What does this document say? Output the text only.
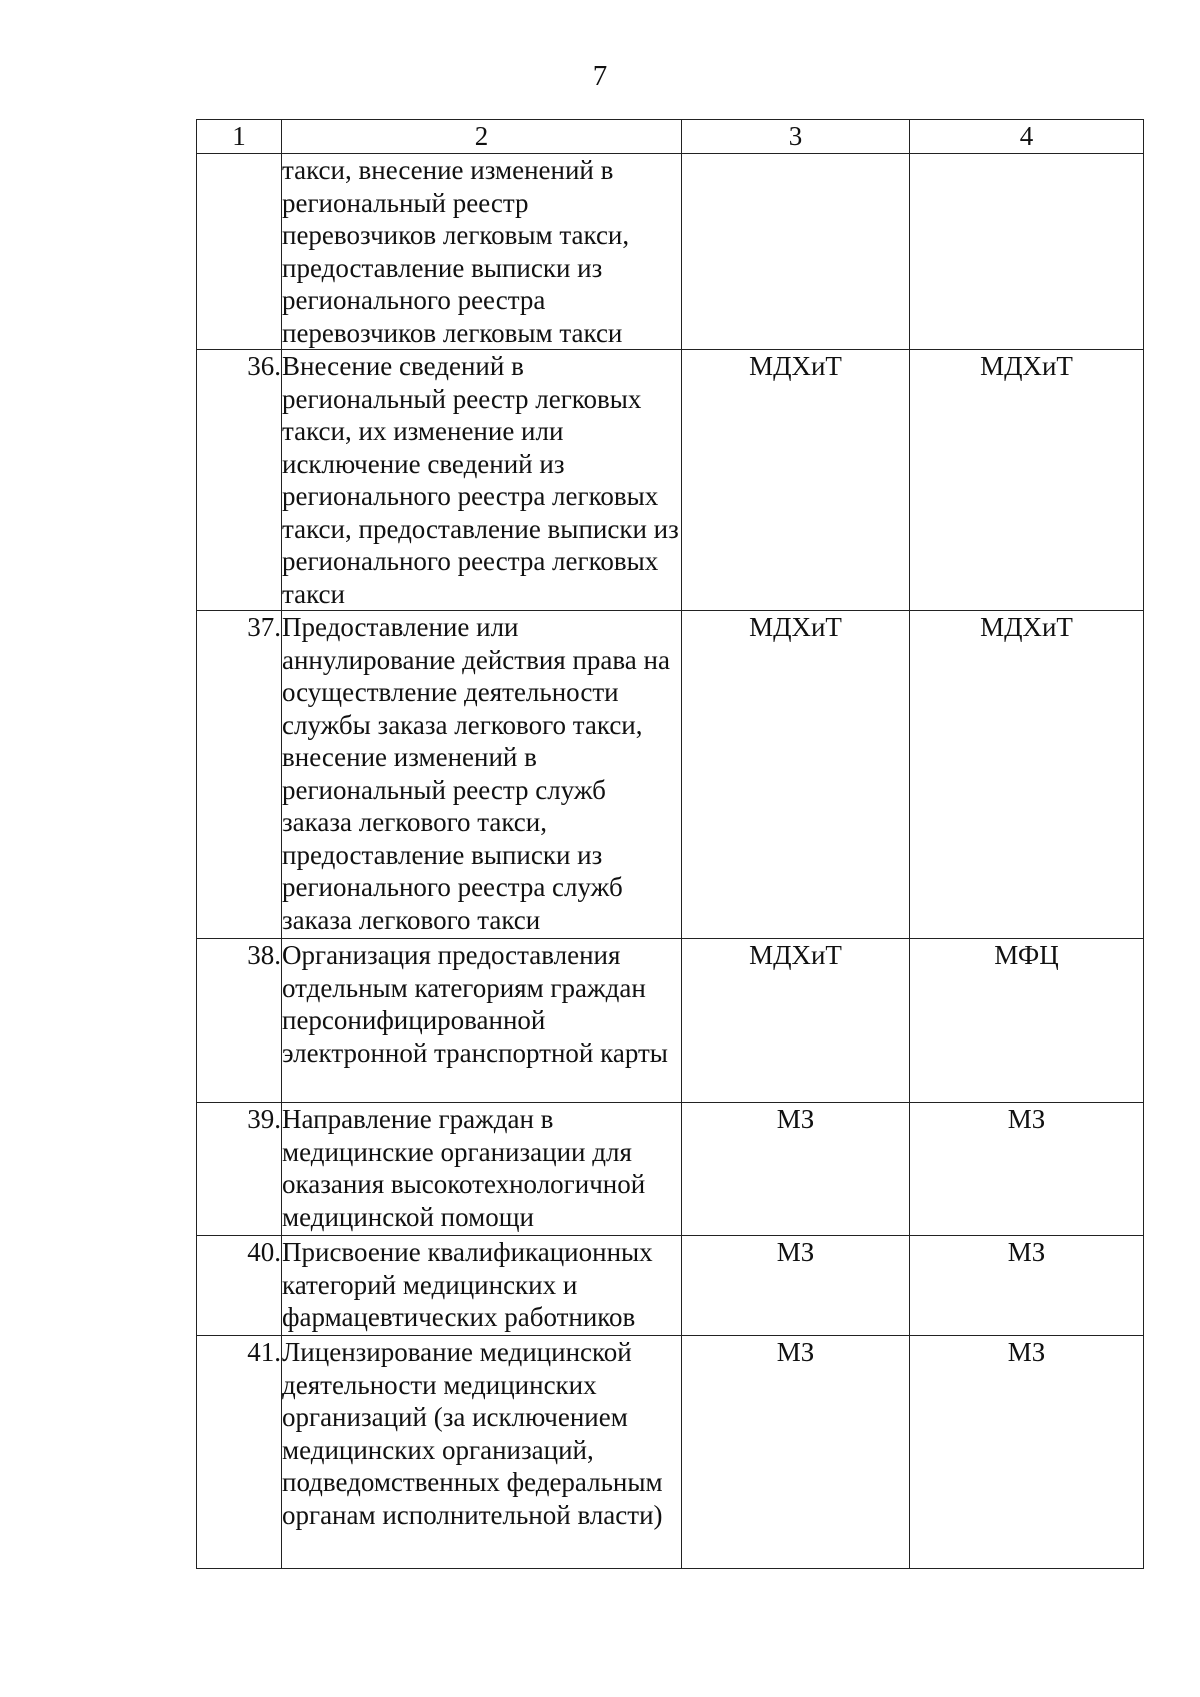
7
1	2	3	4
	такси, внесение изменений в региональный реестр перевозчиков легковым такси, предоставление выписки из регионального реестра перевозчиков легковым такси		
36.	Внесение сведений в региональный реестр легковых такси, их изменение или исключение сведений из регионального реестра легковых такси, предоставление выписки из регионального реестра легковых такси	МДХиТ	МДХиТ
37.	Предоставление или аннулирование действия права на осуществление деятельности службы заказа легкового такси, внесение изменений в региональный реестр служб заказа легкового такси, предоставление выписки из регионального реестра служб заказа легкового такси	МДХиТ	МДХиТ
38.	Организация предоставления отдельным категориям граждан персонифицированной электронной транспортной карты	МДХиТ	МФЦ
39.	Направление граждан в медицинские организации для оказания высокотехнологичной медицинской помощи	МЗ	МЗ
40.	Присвоение квалификационных категорий медицинских и фармацевтических работников	МЗ	МЗ
41.	Лицензирование медицинской деятельности медицинских организаций (за исключением медицинских организаций, подведомственных федеральным органам исполнительной власти)	МЗ	МЗ
